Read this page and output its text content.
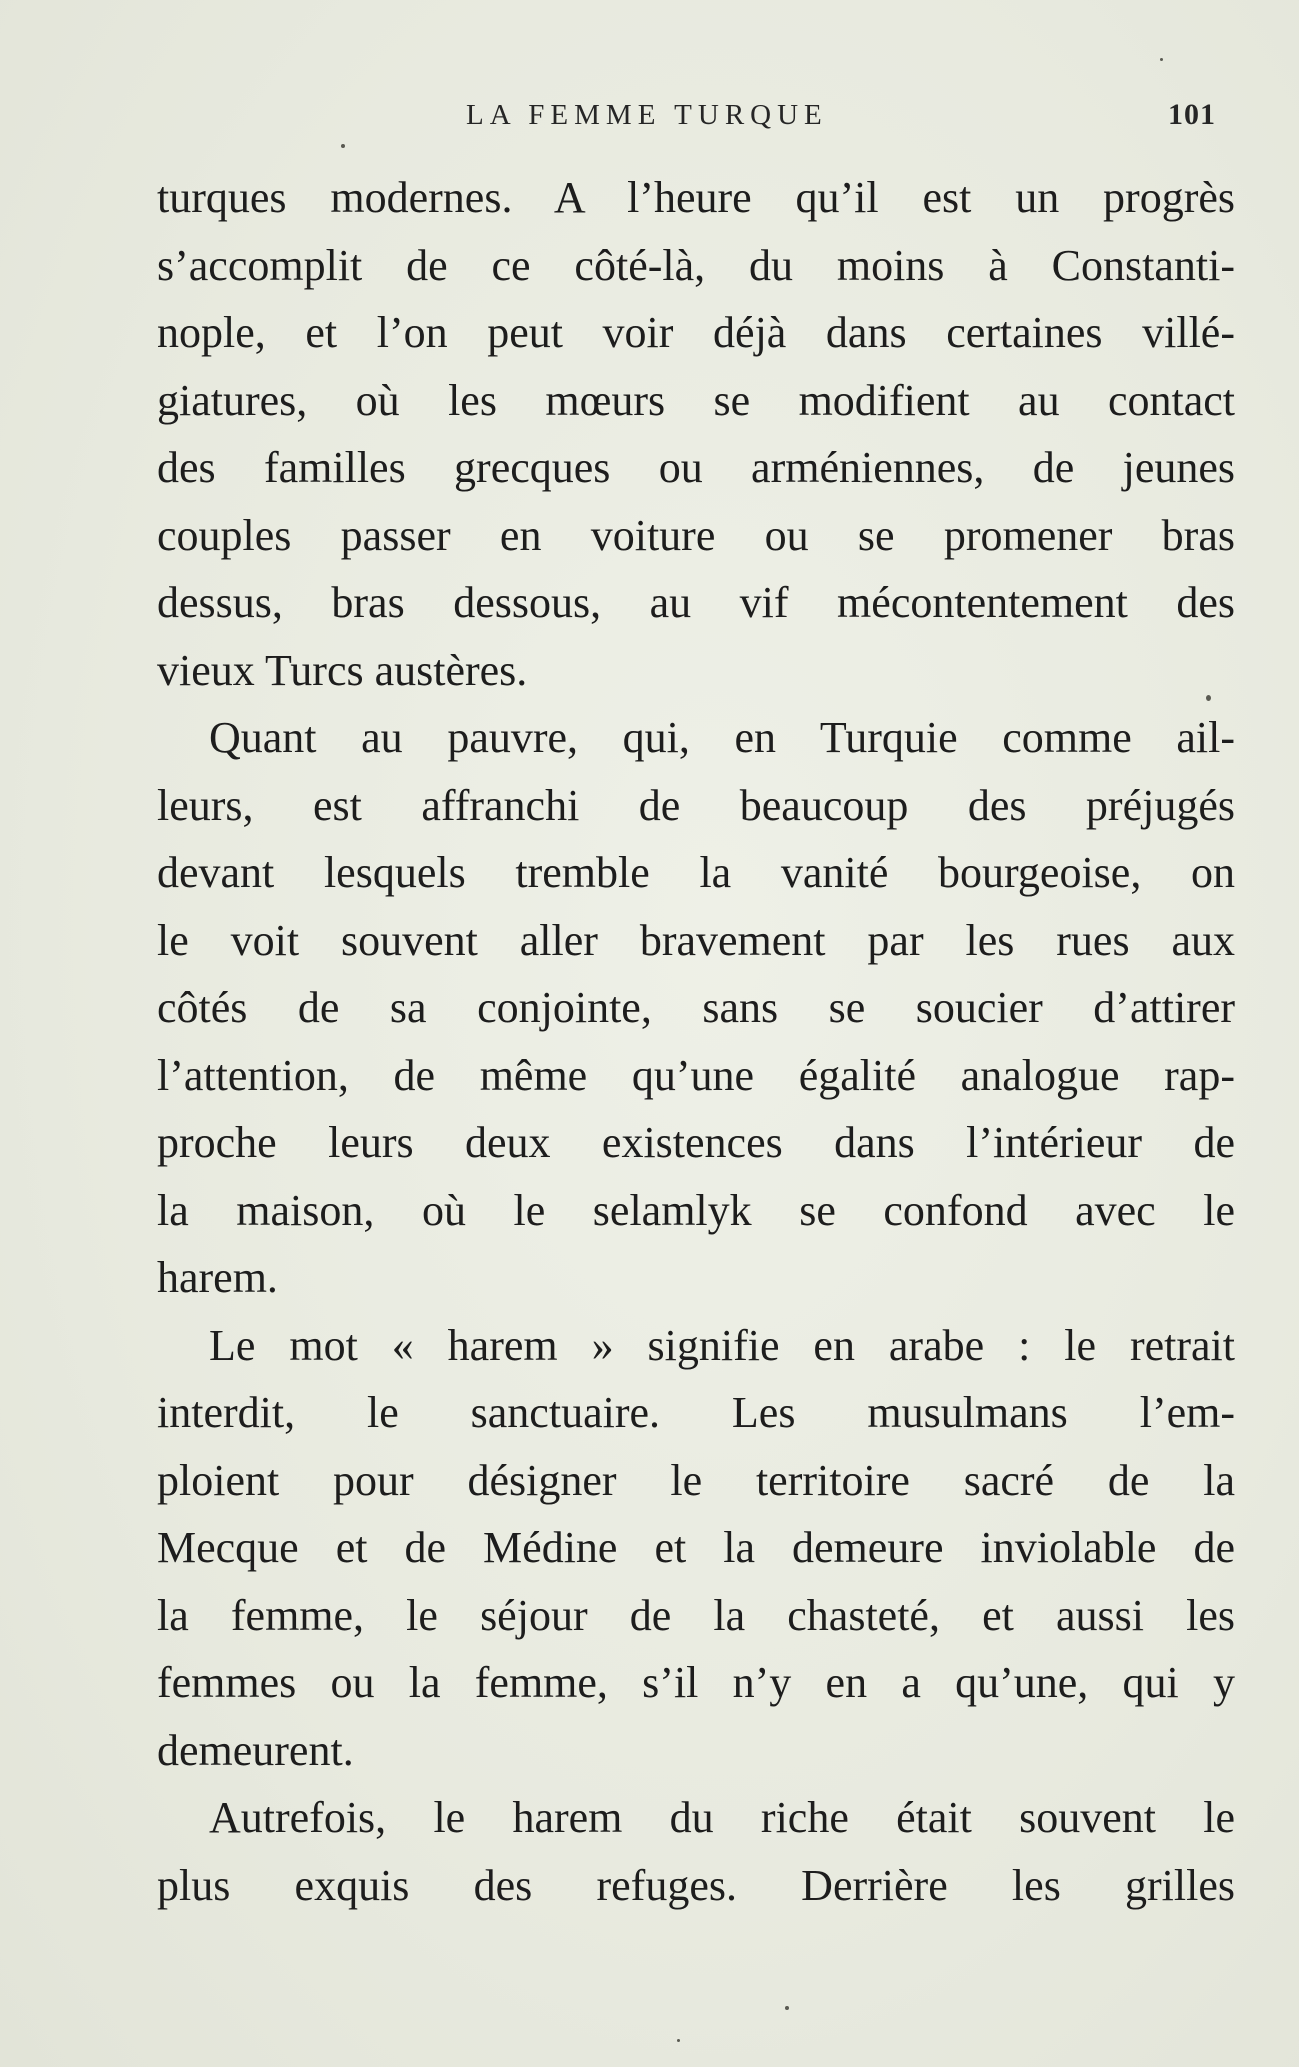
LA FEMME TURQUE	101
turques modernes. A l’heure qu’il est un progrès
s’accomplit de ce côté-là, du moins à Constanti-
nople, et l’on peut voir déjà dans certaines villé-
giatures, où les mœurs se modifient au contact
des familles grecques ou arméniennes, de jeunes
couples passer en voiture ou se promener bras
dessus, bras dessous, au vif mécontentement des
vieux Turcs austères.
Quant au pauvre, qui, en Turquie comme ail-
leurs, est affranchi de beaucoup des préjugés
devant lesquels tremble la vanité bourgeoise, on
le voit souvent aller bravement par les rues aux
côtés de sa conjointe, sans se soucier d’attirer
l’attention, de même qu’une égalité analogue rap-
proche leurs deux existences dans l’intérieur de
la maison, où le selamlyk se confond avec le
harem.
Le mot « harem » signifie en arabe : le retrait
interdit, le sanctuaire. Les musulmans l’em-
ploient pour désigner le territoire sacré de la
Mecque et de Médine et la demeure inviolable de
la femme, le séjour de la chasteté, et aussi les
femmes ou la femme, s’il n’y en a qu’une, qui y
demeurent.
Autrefois, le harem du riche était souvent le
plus exquis des refuges. Derrière les grilles
